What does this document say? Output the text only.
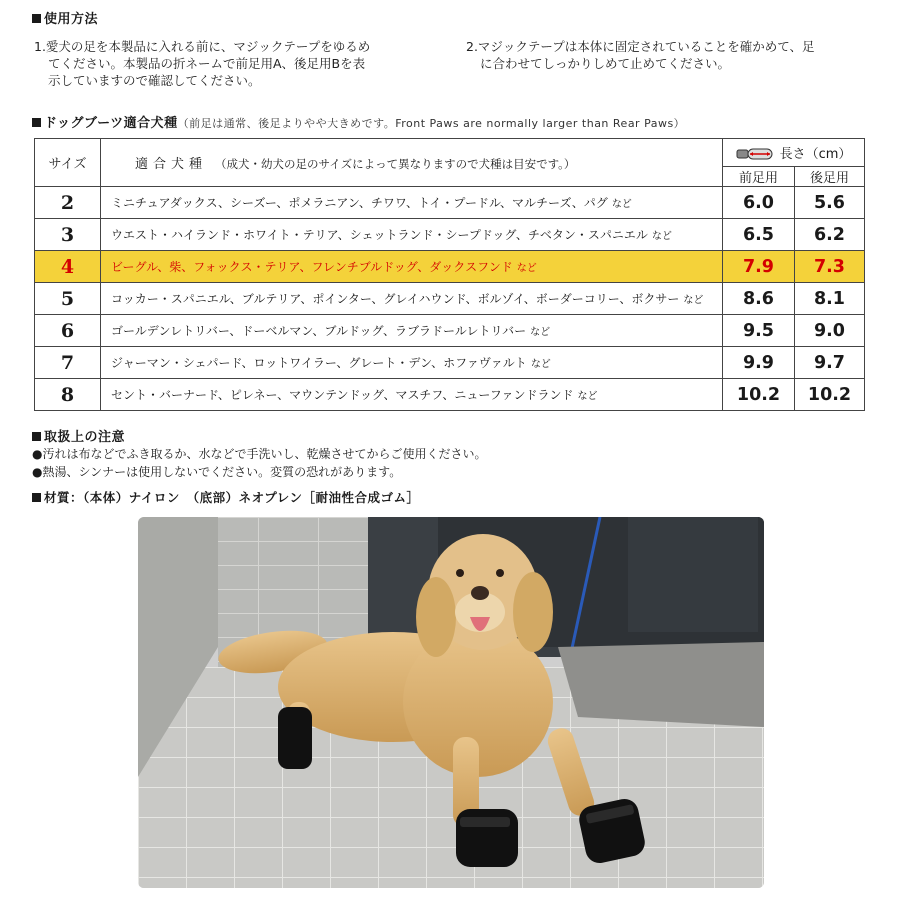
使用方法

1.愛犬の足を本製品に入れる前に、マジックテープをゆるめ

てください。本製品の折ネームで前足用A、後足用Bを表

示していますので確認してください。

2.マジックテープは本体に固定されていることを確かめて、足

に合わせてしっかりしめて止めてください。

ドッグブーツ適合犬種（前足は通常、後足よりやや大きめです。Front Paws are normally larger than Rear Paws）
サイズ	適合犬種 （成犬・幼犬の足のサイズによって異なりますので犬種は目安です。）	長さ（cm）	
		前足用	後足用
2	ミニチュアダックス、シーズー、ポメラニアン、チワワ、トイ・プードル、マルチーズ、パグ など	6.0	5.6
3	ウエスト・ハイランド・ホワイト・テリア、シェットランド・シープドッグ、チベタン・スパニエル など	6.5	6.2
4	ビーグル、柴、フォックス・テリア、フレンチブルドッグ、ダックスフンド など	7.9	7.3
5	コッカー・スパニエル、ブルテリア、ポインター、グレイハウンド、ボルゾイ、ボーダーコリー、ボクサー など	8.6	8.1
6	ゴールデンレトリバー、ドーベルマン、ブルドッグ、ラブラドールレトリバー など	9.5	9.0
7	ジャーマン・シェパード、ロットワイラー、グレート・デン、ホファヴァルト など	9.9	9.7
8	セント・バーナード、ピレネー、マウンテンドッグ、マスチフ、ニューファンドランド など	10.2	10.2
取扱上の注意
●汚れは布などでふき取るか、水などで手洗いし、乾燥させてからご使用ください。
●熱湯、シンナーは使用しないでください。変質の恐れがあります。
材質：（本体）ナイロン　（底部）ネオプレン［耐油性合成ゴム］
